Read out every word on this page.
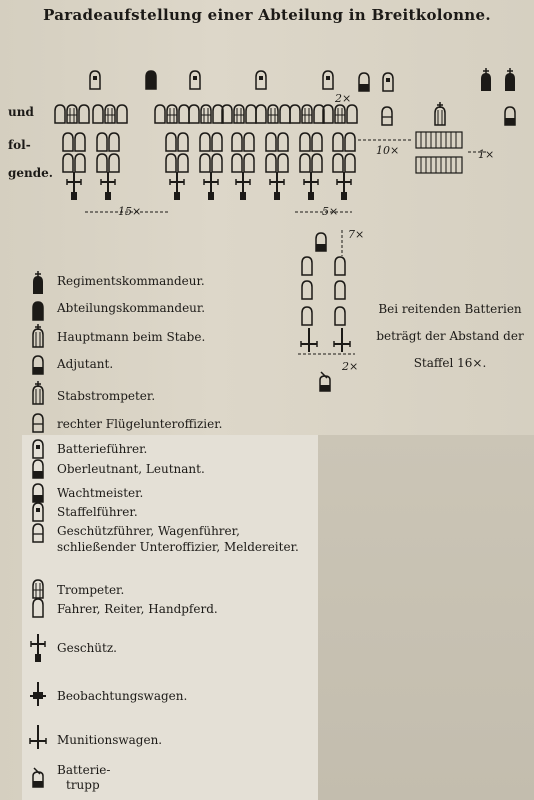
Paradeaufstellung einer Abteilung in Breitkolonne.
und
fol-
gende.
15×	5×
2×
10×	1×
7×
2×
Bei reitenden Batterien
beträgt der Abstand der
Staffel 16×.
Regimentskommandeur.
Abteilungskommandeur.
Hauptmann beim Stabe.
Adjutant.
Stabstrompeter.
rechter Flügelunteroffizier.
Batterieführer.
Oberleutnant, Leutnant.
Wachtmeister.
Staffelführer.
Geschützführer, Wagenführer,
schließender Unteroffizier, Meldereiter.
Trompeter.
Fahrer, Reiter, Handpferd.
Geschütz.
Beobachtungswagen.
Munitionswagen.
Batterie-
trupp
